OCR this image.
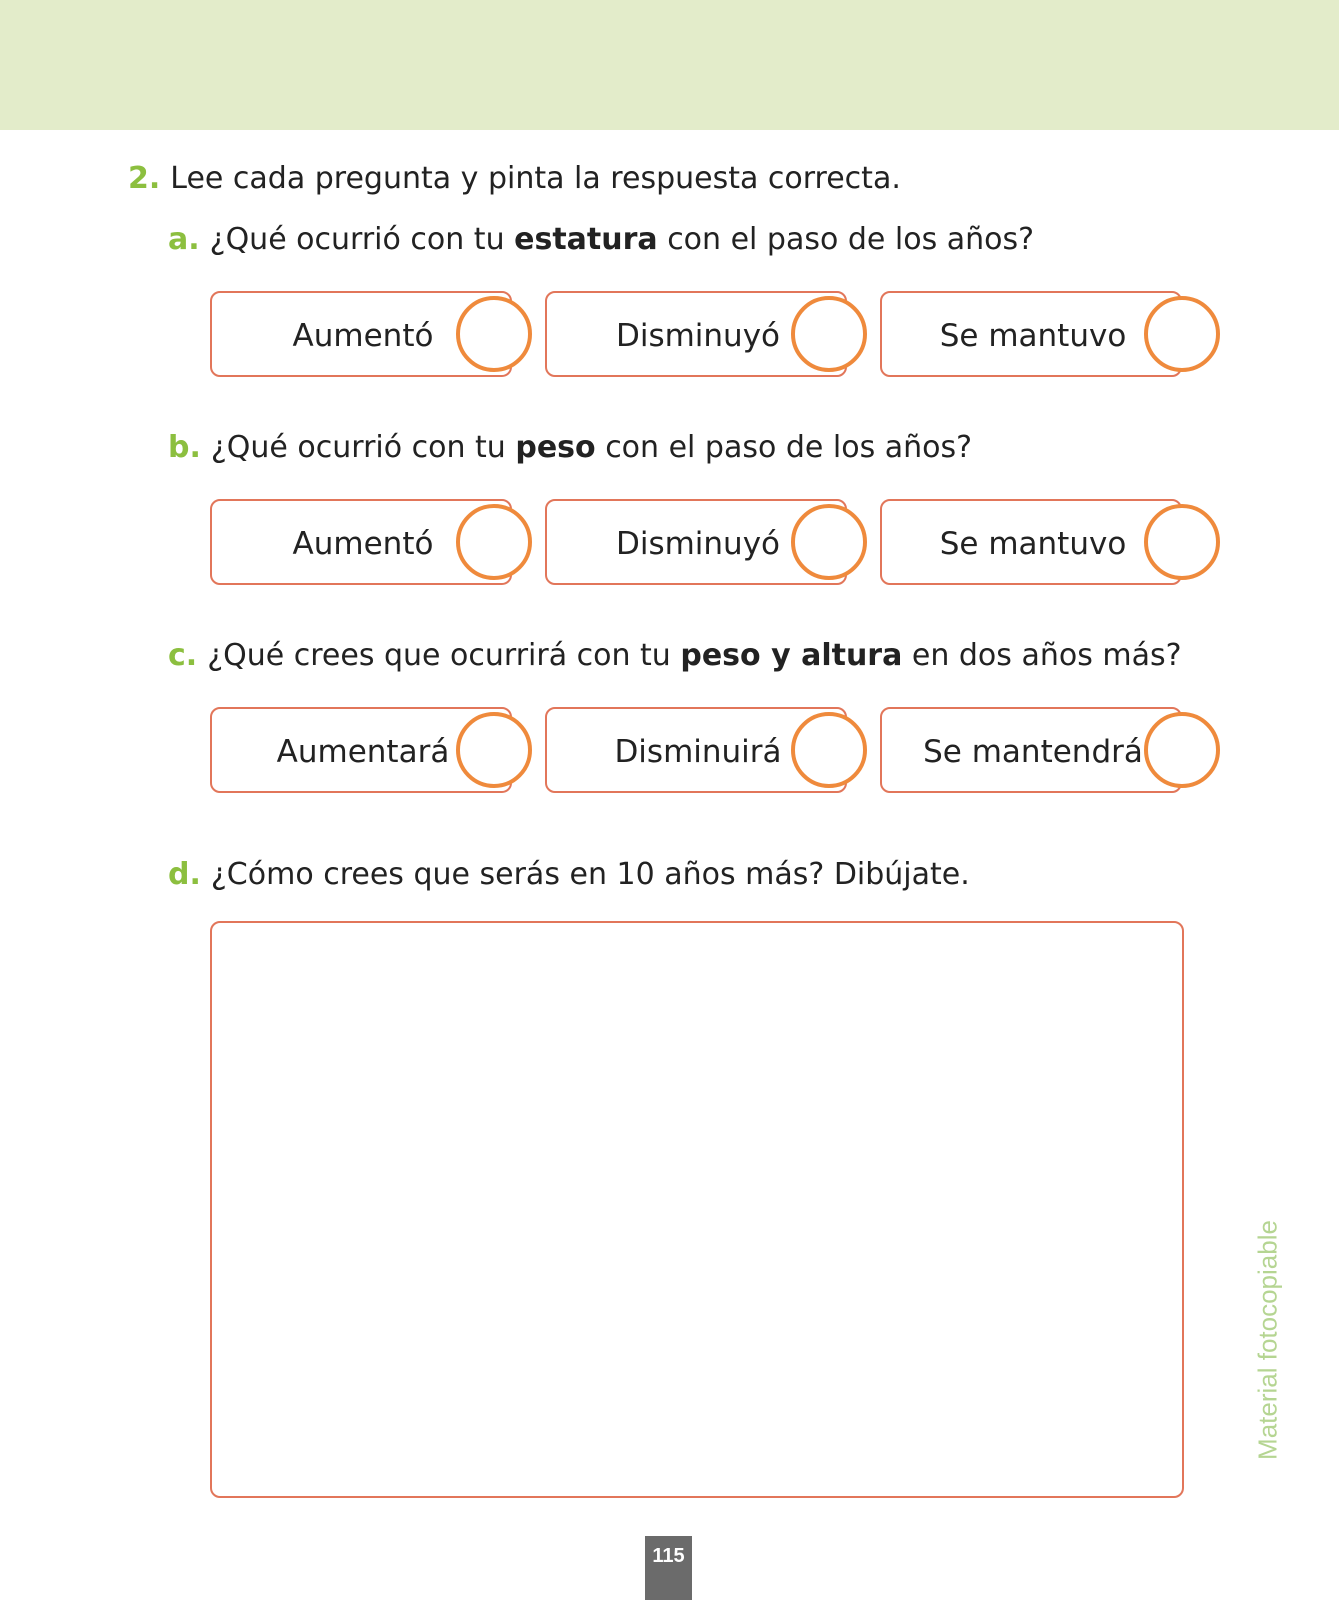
2. Lee cada pregunta y pinta la respuesta correcta.
a. ¿Qué ocurrió con tu estatura con el paso de los años?
Aumentó	Disminuyó	Se mantuvo
b. ¿Qué ocurrió con tu peso con el paso de los años?
Aumentó	Disminuyó	Se mantuvo
c. ¿Qué crees que ocurrirá con tu peso y altura en dos años más?
Aumentará	Disminuirá	Se mantendrá
d. ¿Cómo crees que serás en 10 años más? Dibújate.
Material fotocopiable
115
